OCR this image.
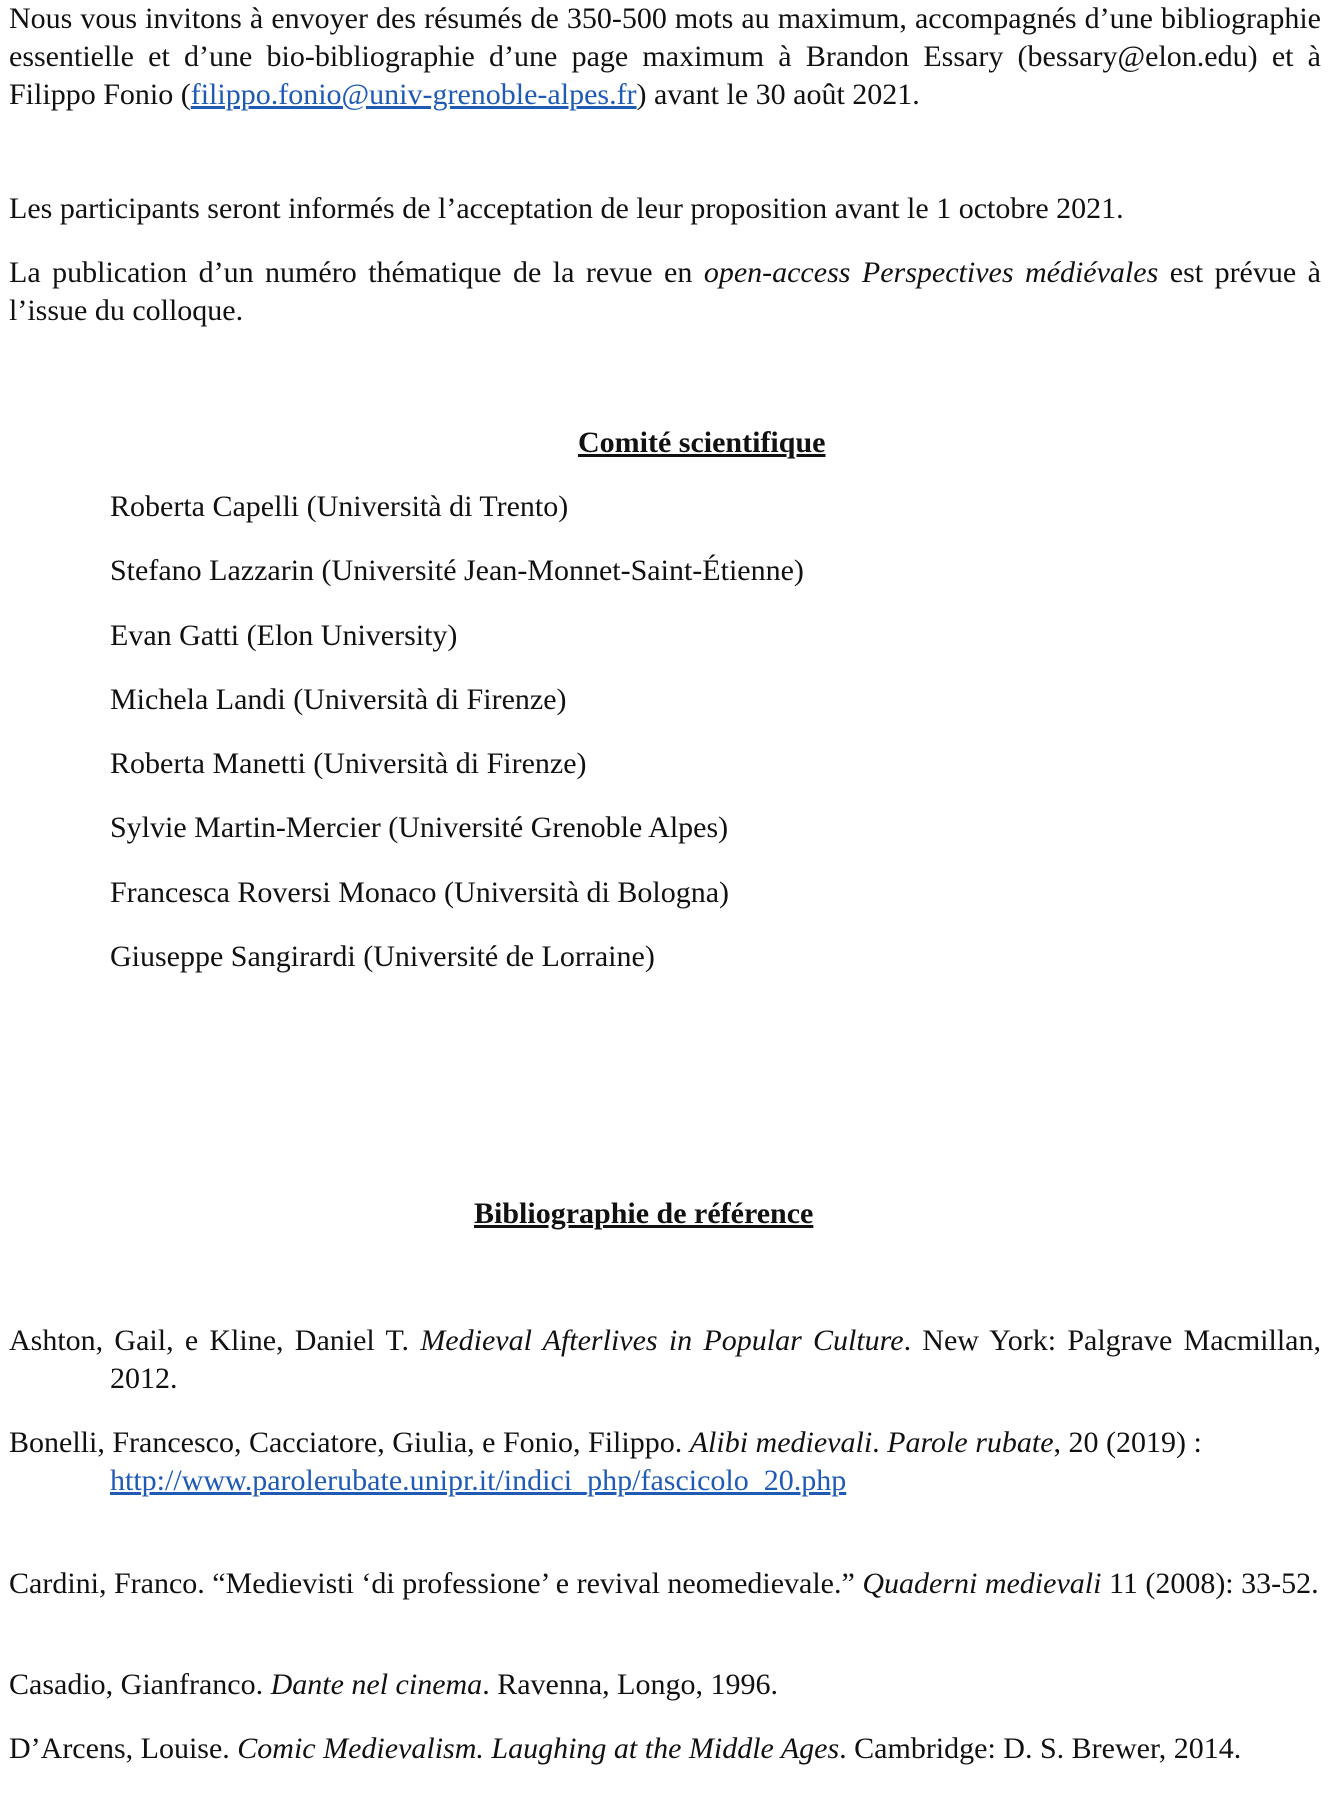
Nous vous invitons à envoyer des résumés de 350-500 mots au maximum, accompagnés d’une bibliographie essentielle et d’une bio-bibliographie d’une page maximum à Brandon Essary (bessary@elon.edu) et à Filippo Fonio (filippo.fonio@univ-grenoble-alpes.fr) avant le 30 août 2021.

Les participants seront informés de l’acceptation de leur proposition avant le 1 octobre 2021.

La publication d’un numéro thématique de la revue en open-access Perspectives médiévales est prévue à l’issue du colloque.

Comité scientifique
Roberta Capelli (Università di Trento)
Stefano Lazzarin (Université Jean-Monnet-Saint-Étienne)
Evan Gatti (Elon University)
Michela Landi (Università di Firenze)
Roberta Manetti (Università di Firenze)
Sylvie Martin-Mercier (Université Grenoble Alpes)
Francesca Roversi Monaco (Università di Bologna)
Giuseppe Sangirardi (Université de Lorraine)
Bibliographie de référence

Ashton, Gail, e Kline, Daniel T. Medieval Afterlives in Popular Culture. New York: Palgrave Macmillan, 2012.

Bonelli, Francesco, Cacciatore, Giulia, e Fonio, Filippo. Alibi medievali. Parole rubate, 20 (2019) :
http://www.parolerubate.unipr.it/indici_php/fascicolo_20.php

Cardini, Franco. “Medievisti ‘di professione’ e revival neomedievale.” Quaderni medievali 11 (2008): 33-52.

Casadio, Gianfranco. Dante nel cinema. Ravenna, Longo, 1996.

D’Arcens, Louise. Comic Medievalism. Laughing at the Middle Ages. Cambridge: D. S. Brewer, 2014.
